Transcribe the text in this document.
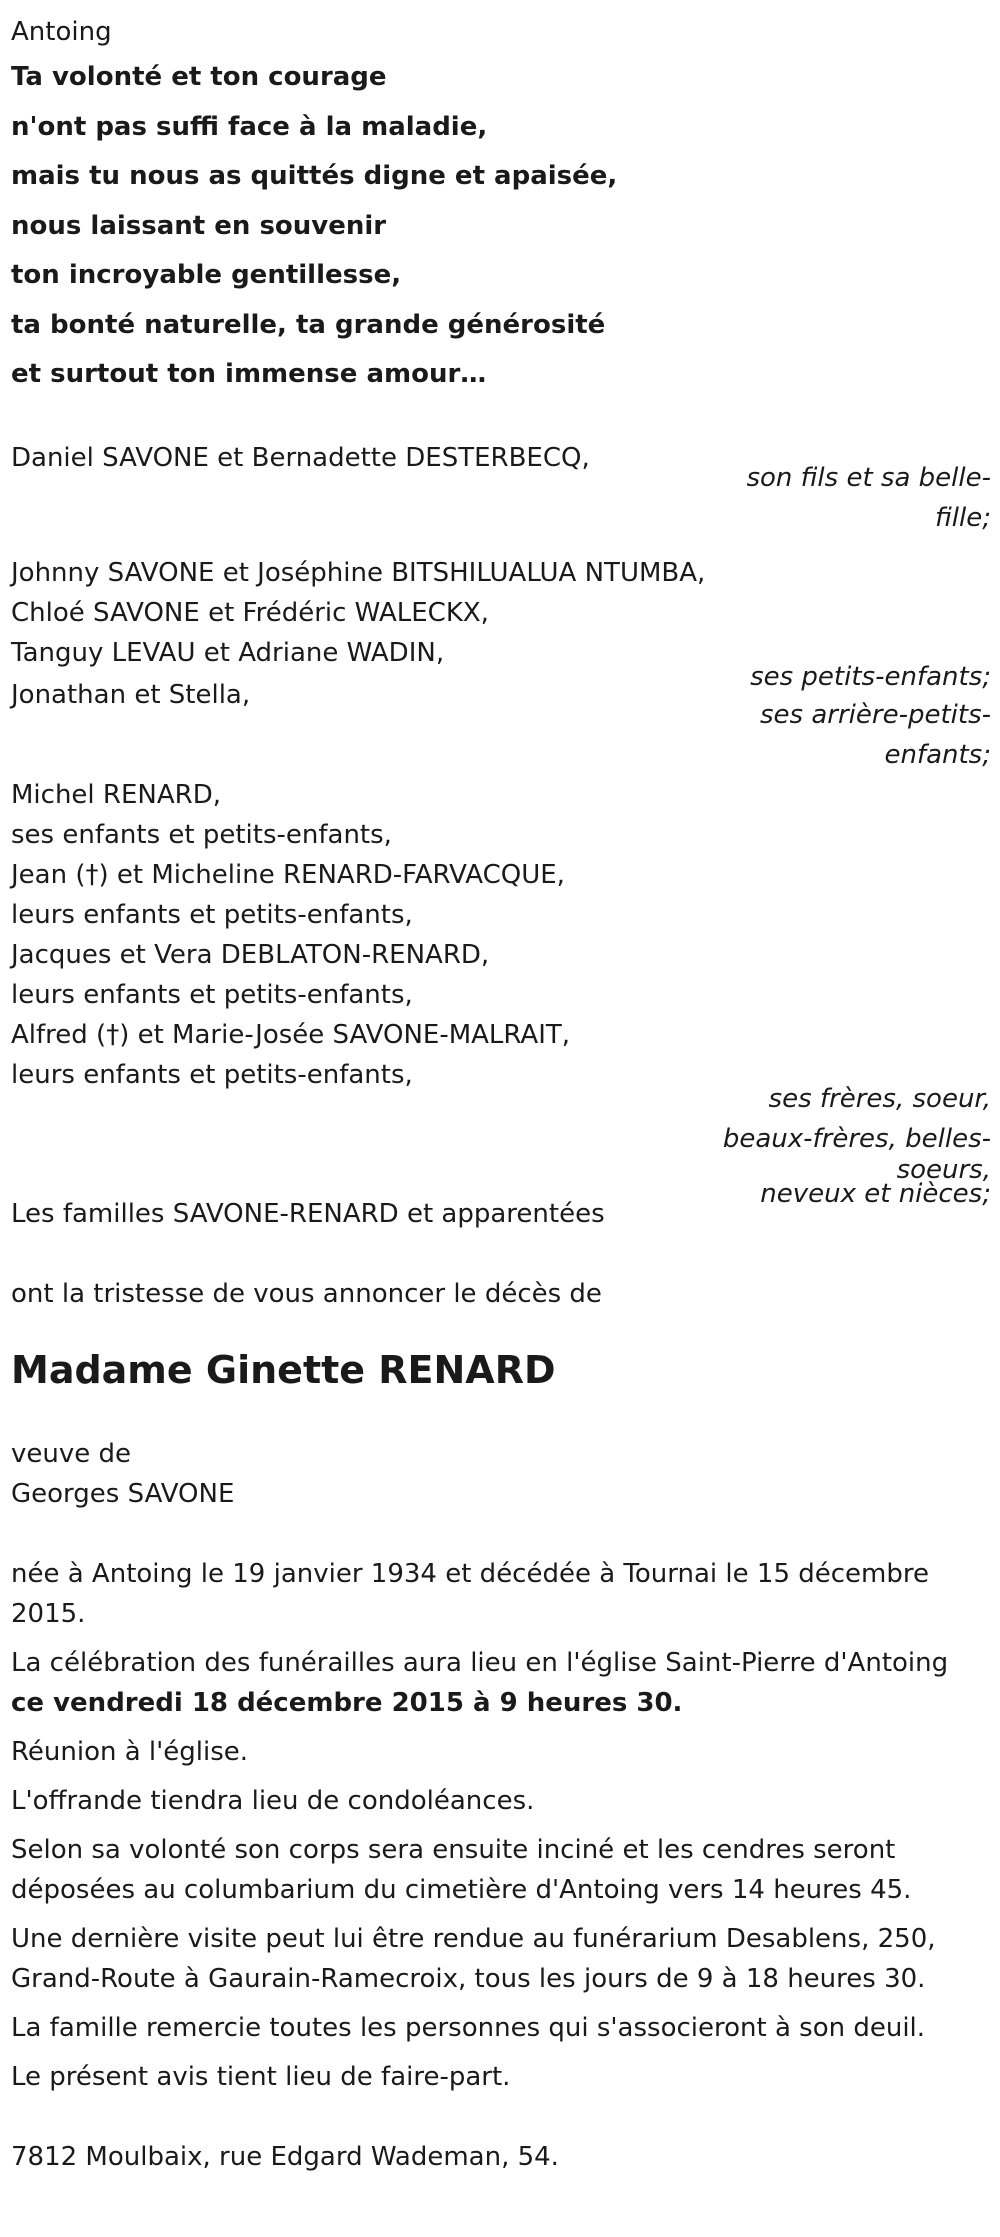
Antoing

Ta volonté et ton courage

n'ont pas suffi face à la maladie,

mais tu nous as quittés digne et apaisée,

nous laissant en souvenir

ton incroyable gentillesse,

ta bonté naturelle, ta grande générosité

et surtout ton immense amour…

Daniel SAVONE et Bernadette DESTERBECQ,

son fils et sa belle-
fille;

Johnny SAVONE et Joséphine BITSHILUALUA NTUMBA,

Chloé SAVONE et Frédéric WALECKX,

Tanguy LEVAU et Adriane WADIN,

ses petits-enfants;

Jonathan et Stella,

ses arrière-petits-
enfants;

Michel RENARD,

ses enfants et petits-enfants,

Jean (†) et Micheline RENARD-FARVACQUE,

leurs enfants et petits-enfants,

Jacques et Vera DEBLATON-RENARD,

leurs enfants et petits-enfants,

Alfred (†) et Marie-Josée SAVONE-MALRAIT,

leurs enfants et petits-enfants,

ses frères, soeur,
beaux-frères, belles-
soeurs,
neveux et nièces;

Les familles SAVONE-RENARD et apparentées

ont la tristesse de vous annoncer le décès de

Madame Ginette RENARD

veuve de

Georges SAVONE

née à Antoing le 19 janvier 1934 et décédée à Tournai le 15 décembre 2015.

La célébration des funérailles aura lieu en l'église Saint-Pierre d'Antoing
ce vendredi 18 décembre 2015 à 9 heures 30.

Réunion à l'église.

L'offrande tiendra lieu de condoléances.

Selon sa volonté son corps sera ensuite inciné et les cendres seront déposées au columbarium du cimetière d'Antoing vers 14 heures 45.

Une dernière visite peut lui être rendue au funérarium Desablens, 250, Grand-Route à Gaurain-Ramecroix, tous les jours de 9 à 18 heures 30.

La famille remercie toutes les personnes qui s'associeront à son deuil.

Le présent avis tient lieu de faire-part.

7812 Moulbaix, rue Edgard Wademan, 54.
